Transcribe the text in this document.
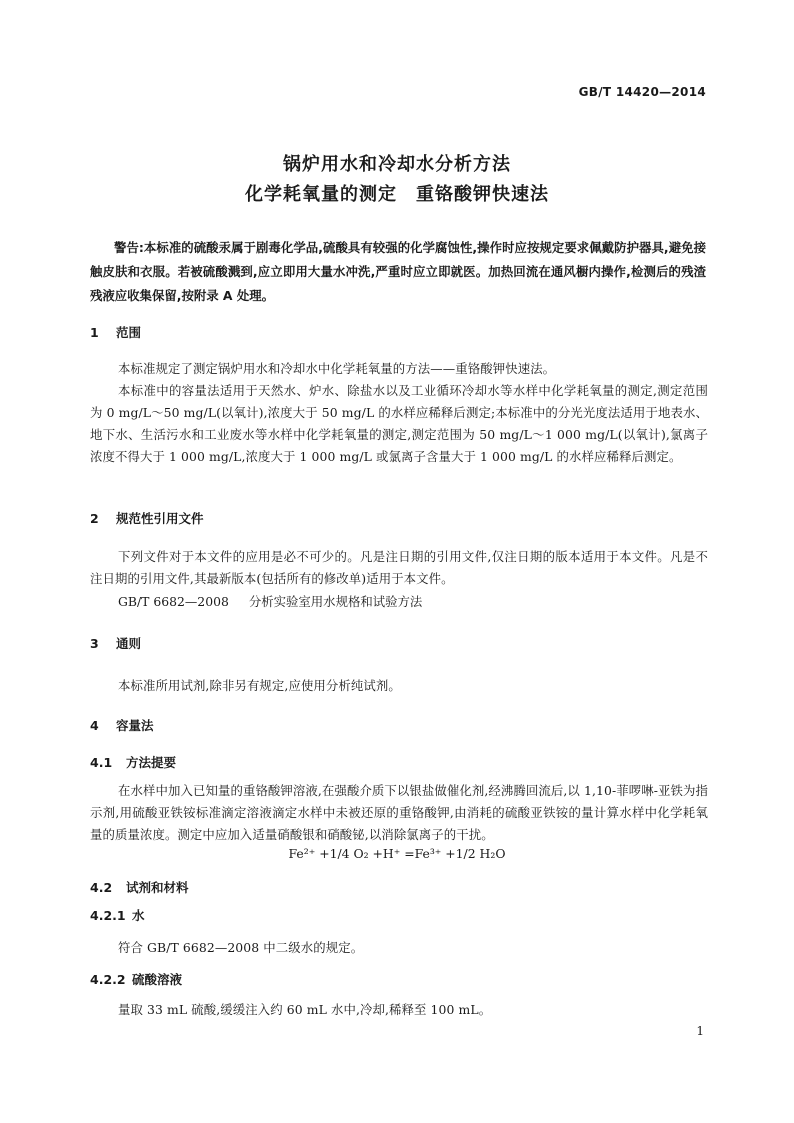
GB/T 14420—2014
锅炉用水和冷却水分析方法
化学耗氧量的测定　重铬酸钾快速法

警告:本标准的硫酸汞属于剧毒化学品,硫酸具有较强的化学腐蚀性,操作时应按规定要求佩戴防护器具,避免接触皮肤和衣服。若被硫酸溅到,应立即用大量水冲洗,严重时应立即就医。加热回流在通风橱内操作,检测后的残渣残液应收集保留,按附录 A 处理。

1 范围

本标准规定了测定锅炉用水和冷却水中化学耗氧量的方法——重铬酸钾快速法。

本标准中的容量法适用于天然水、炉水、除盐水以及工业循环冷却水等水样中化学耗氧量的测定,测定范围为 0 mg/L～50 mg/L(以氧计),浓度大于 50 mg/L 的水样应稀释后测定;本标准中的分光光度法适用于地表水、地下水、生活污水和工业废水等水样中化学耗氧量的测定,测定范围为 50 mg/L～1 000 mg/L(以氧计),氯离子浓度不得大于 1 000 mg/L,浓度大于 1 000 mg/L 或氯离子含量大于 1 000 mg/L 的水样应稀释后测定。

2 规范性引用文件

下列文件对于本文件的应用是必不可少的。凡是注日期的引用文件,仅注日期的版本适用于本文件。凡是不注日期的引用文件,其最新版本(包括所有的修改单)适用于本文件。

GB/T 6682—2008 分析实验室用水规格和试验方法
3 通则

本标准所用试剂,除非另有规定,应使用分析纯试剂。

4 容量法
4.1 方法提要

在水样中加入已知量的重铬酸钾溶液,在强酸介质下以银盐做催化剂,经沸腾回流后,以 1,10-菲啰啉-亚铁为指示剂,用硫酸亚铁铵标准滴定溶液滴定水样中未被还原的重铬酸钾,由消耗的硫酸亚铁铵的量计算水样中化学耗氧量的质量浓度。测定中应加入适量硝酸银和硝酸铋,以消除氯离子的干扰。

Fe²⁺ +1/4 O₂ +H⁺ =Fe³⁺ +1/2 H₂O
4.2 试剂和材料
4.2.1 水

符合 GB/T 6682—2008 中二级水的规定。

4.2.2 硫酸溶液

量取 33 mL 硫酸,缓缓注入约 60 mL 水中,冷却,稀释至 100 mL。

1
